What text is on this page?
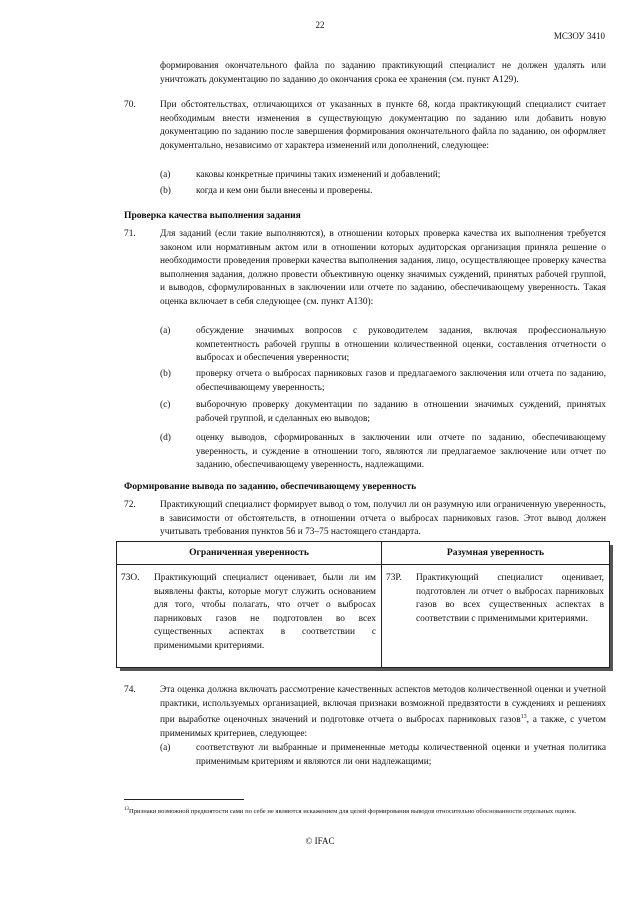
22
МСЗОУ 3410
формирования окончательного файла по заданию практикующий специалист не должен удалять или уничтожать документацию по заданию до окончания срока ее хранения (см. пункт A129).
70.	При обстоятельствах, отличающихся от указанных в пункте 68, когда практикующий специалист считает необходимым внести изменения в существующую документацию по заданию или добавить новую документацию по заданию после завершения формирования окончательного файла по заданию, он оформляет документально, независимо от характера изменений или дополнений, следующее:
(a)	каковы конкретные причины таких изменений и добавлений;
(b)	когда и кем они были внесены и проверены.
Проверка качества выполнения задания
71.	Для заданий (если такие выполняются), в отношении которых проверка качества их выполнения требуется законом или нормативным актом или в отношении которых аудиторская организация приняла решение о необходимости проведения проверки качества выполнения задания, лицо, осуществляющее проверку качества выполнения задания, должно провести объективную оценку значимых суждений, принятых рабочей группой, и выводов, сформулированных в заключении или отчете по заданию, обеспечивающему уверенность. Такая оценка включает в себя следующее (см. пункт A130):
(a)	обсуждение значимых вопросов с руководителем задания, включая профессиональную компетентность рабочей группы в отношении количественной оценки, составления отчетности о выбросах и обеспечения уверенности;
(b)	проверку отчета о выбросах парниковых газов и предлагаемого заключения или отчета по заданию, обеспечивающему уверенность;
(c)	выборочную проверку документации по заданию в отношении значимых суждений, принятых рабочей группой, и сделанных ею выводов;
(d)	оценку выводов, сформированных в заключении или отчете по заданию, обеспечивающему уверенность, и суждение в отношении того, являются ли предлагаемое заключение или отчет по заданию, обеспечивающему уверенность, надлежащими.
Формирование вывода по заданию, обеспечивающему уверенность
72.	Практикующий специалист формирует вывод о том, получил ли он разумную или ограниченную уверенность, в зависимости от обстоятельств, в отношении отчета о выбросах парниковых газов. Этот вывод должен учитывать требования пунктов 56 и 73–75 настоящего стандарта.
Ограниченная уверенность	Разумная уверенность
73O. Практикующий специалист оценивает, были ли им выявлены факты, которые могут служить основанием для того, чтобы полагать, что отчет о выбросах парниковых газов не подготовлен во всех существенных аспектах в соответствии с применимыми критериями.
73P. Практикующий специалист оценивает, подготовлен ли отчет о выбросах парниковых газов во всех существенных аспектах в соответствии с применимыми критериями.
74.	Эта оценка должна включать рассмотрение качественных аспектов методов количественной оценки и учетной практики, используемых организацией, включая признаки возможной предвзятости в суждениях и решениях при выработке оценочных значений и подготовке отчета о выбросах парниковых газов$^{13}$, а также, с учетом применимых критериев, следующее:
(a)	соответствуют ли выбранные и примененные методы количественной оценки и учетная политика применимым критериям и являются ли они надлежащими;
$^{13}$Признаки возможной предвзятости сами по себе не являются искажением для целей формирования выводов относительно обоснованности отдельных оценок.
© IFAC
